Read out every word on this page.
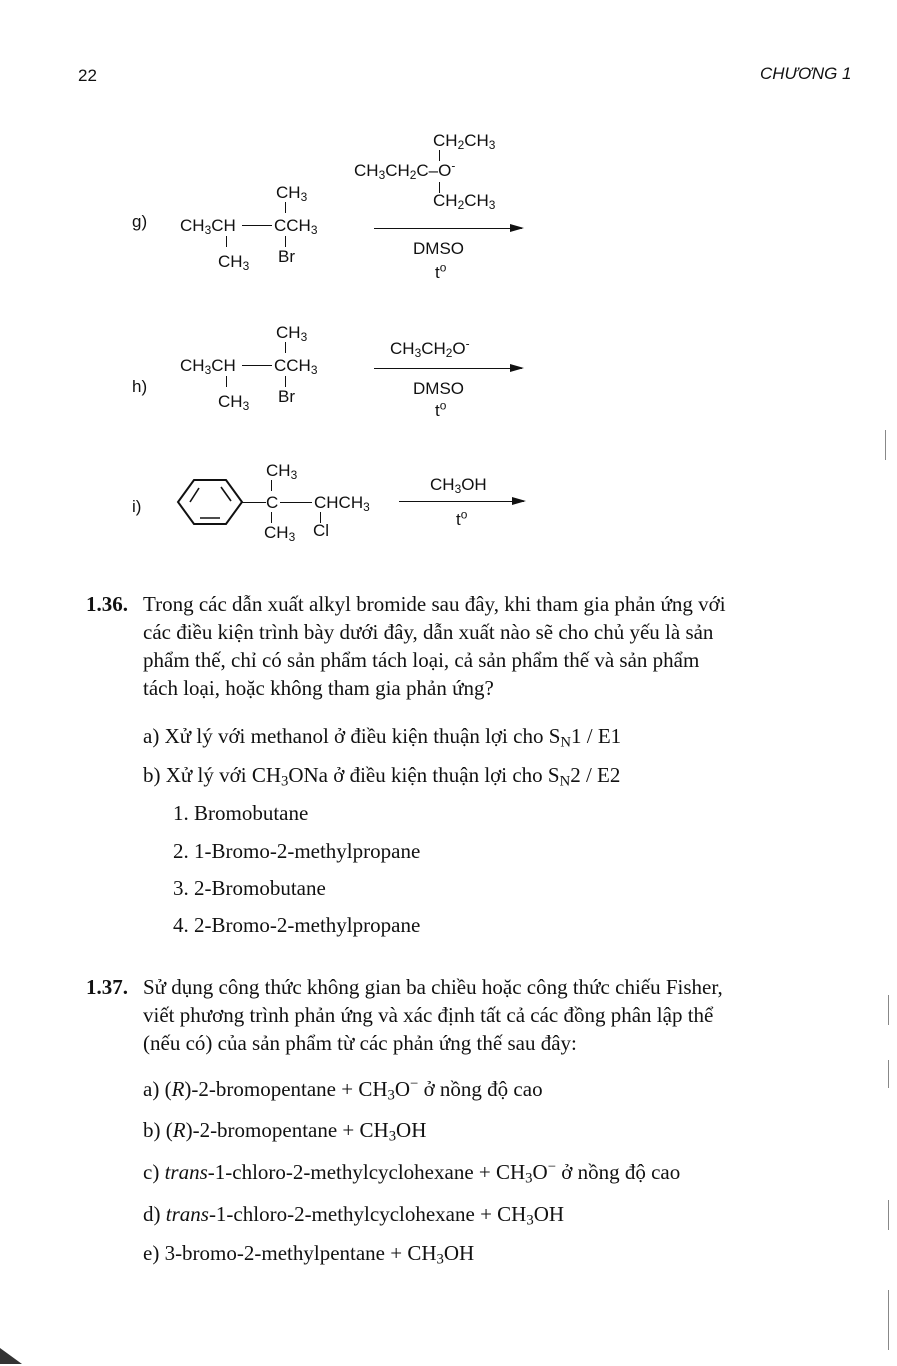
22	CHƯƠNG 1
g)
$CH_3$
$CH_3CH$ $CCH_3$
$CH_3$ Br
$CH_2CH_3$
$CH_3CH_2C-O^-$
$CH_2CH_3$
DMSO
$t^o$
h)
$CH_3$
$CH_3CH$ $CCH_3$
$CH_3$ Br
$CH_3CH_2O^-$
DMSO
$t^o$
i)
$CH_3$
C $CHCH_3$
$CH_3$ Cl
$CH_3OH$
$t^o$
1.36. Trong các dẫn xuất alkyl bromide sau đây, khi tham gia phản ứng với
các điều kiện trình bày dưới đây, dẫn xuất nào sẽ cho chủ yếu là sản
phẩm thế, chỉ có sản phẩm tách loại, cả sản phẩm thế và sản phẩm
tách loại, hoặc không tham gia phản ứng?
a) Xử lý với methanol ở điều kiện thuận lợi cho $S_N1 / E1$
b) Xử lý với $CH_3ONa$ ở điều kiện thuận lợi cho $S_N2 / E2$
1. Bromobutane
2. 1-Bromo-2-methylpropane
3. 2-Bromobutane
4. 2-Bromo-2-methylpropane
1.37. Sử dụng công thức không gian ba chiều hoặc công thức chiếu Fisher,
viết phương trình phản ứng và xác định tất cả các đồng phân lập thể
(nếu có) của sản phẩm từ các phản ứng thế sau đây:
a) (R)-2-bromopentane + $CH_3O^-$ ở nồng độ cao
b) (R)-2-bromopentane + $CH_3OH$
c) trans-1-chloro-2-methylcyclohexane + $CH_3O^-$ ở nồng độ cao
d) trans-1-chloro-2-methylcyclohexane + $CH_3OH$
e) 3-bromo-2-methylpentane + $CH_3OH$
